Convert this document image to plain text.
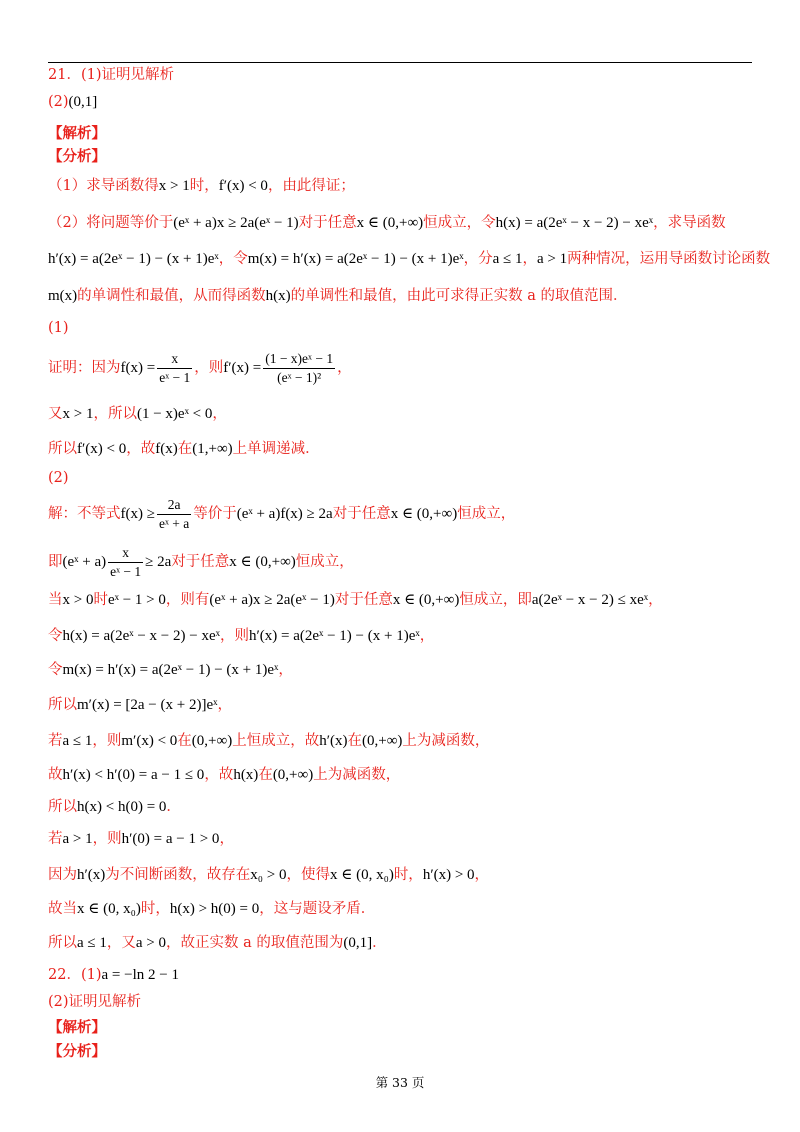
21．(1)证明见解析
(2)(0,1]
【解析】
【分析】
（1）求导函数得x > 1时，f′(x) < 0，由此得证；
（2）将问题等价于(eˣ + a)x ≥ 2a(eˣ − 1)对于任意x ∈ (0,+∞)恒成立，令h(x) = a(2eˣ − x − 2) − xeˣ，求导函数
h′(x) = a(2eˣ − 1) − (x + 1)eˣ，令m(x) = h′(x) = a(2eˣ − 1) − (x + 1)eˣ，分a ≤ 1，a > 1两种情况，运用导函数讨论函数
m(x)的单调性和最值，从而得函数h(x)的单调性和最值，由此可求得正实数 a 的取值范围．
(1)
证明：因为$f(x) = \frac{x}{\text{eˣ − 1}}$ ，则$f'(x) = \frac{\text{(1 − x)eˣ − 1}}{\text{(eˣ − 1)²}}$ ，
又x > 1，所以(1 − x)eˣ < 0，
所以f′(x) < 0，故f(x)在(1,+∞)上单调递减．
(2)
解：不等式$f(x) \ge \frac{2a}{\text{eˣ + a}}$ 等价于(eˣ + a)f(x) ≥ 2a对于任意x ∈ (0,+∞)恒成立，
即(eˣ + $a) \frac{x}{\text{eˣ − 1}} \ge 2a$对于任意x ∈ (0,+∞)恒成立，
当x > 0时eˣ − 1 > 0，则有(eˣ + a)x ≥ 2a(eˣ − 1)对于任意x ∈ (0,+∞)恒成立，即a(2eˣ − x − 2) ≤ xeˣ，
令h(x) = a(2eˣ − x − 2) − xeˣ，则h′(x) = a(2eˣ − 1) − (x + 1)eˣ，
令m(x) = h′(x) = a(2eˣ − 1) − (x + 1)eˣ，
所以m′(x) = [2a − (x + 2)]eˣ，
若a ≤ 1，则m′(x) < 0在(0,+∞)上恒成立，故h′(x)在(0,+∞)上为减函数，
故h′(x) < h′(0) = a − 1 ≤ 0，故h(x)在(0,+∞)上为减函数，
所以h(x) < h(0) = 0．
若a > 1，则h′(0) = a − 1 > 0，
因为h′(x)为不间断函数，故存在x₀ > 0，使得x ∈ (0, x₀)时，h′(x) > 0，
故当x ∈ (0, x₀)时，h(x) > h(0) = 0，这与题设矛盾．
所以a ≤ 1，又a > 0，故正实数 a 的取值范围为(0,1]．
22．(1)a = −ln 2 − 1
(2)证明见解析
【解析】
【分析】
第 33 页
